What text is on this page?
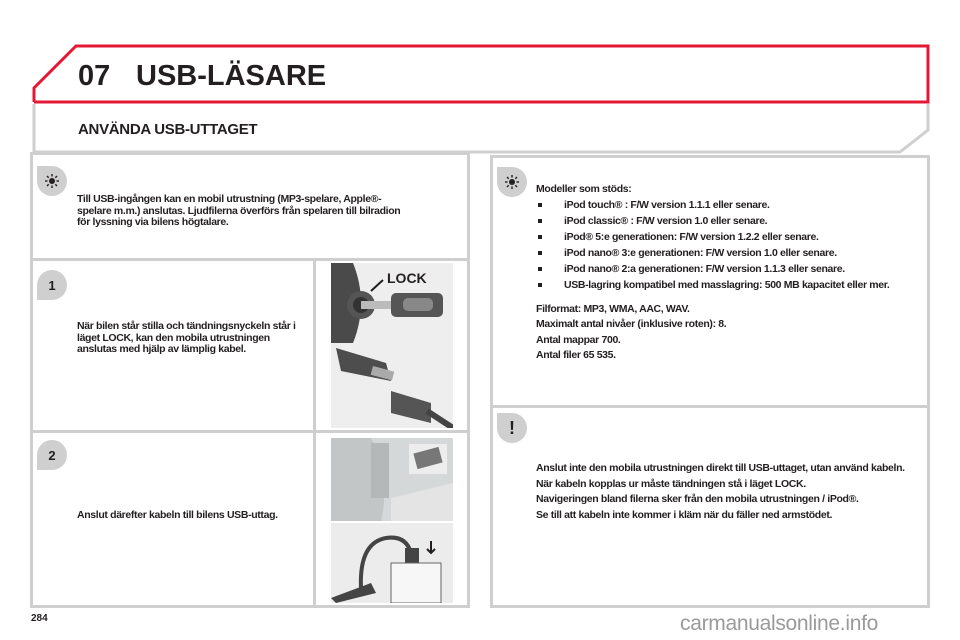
07 USB-LÄSARE
ANVÄNDA USB-UTTAGET
Till USB-ingången kan en mobil utrustning (MP3-spelare, Apple®-spelare m.m.) anslutas. Ljudfilerna överförs från spelaren till bilradion för lyssning via bilens högtalare.
1
När bilen står stilla och tändningsnyckeln står i läget LOCK, kan den mobila utrustningen anslutas med hjälp av lämplig kabel.
LOCK
2
Anslut därefter kabeln till bilens USB-uttag.

Modeller som stöds:

iPod touch® : F/W version 1.1.1 eller senare.
iPod classic® : F/W version 1.0 eller senare.
iPod® 5:e generationen: F/W version 1.2.2 eller senare.
iPod nano® 3:e generationen: F/W version 1.0 eller senare.
iPod nano® 2:a generationen: F/W version 1.1.3 eller senare.
USB-lagring kompatibel med masslagring: 500 MB kapacitet eller mer.

Filformat: MP3, WMA, AAC, WAV.

Maximalt antal nivåer (inklusive roten): 8.

Antal mappar 700.

Antal filer 65 535.

!

Anslut inte den mobila utrustningen direkt till USB-uttaget, utan använd kabeln.

När kabeln kopplas ur måste tändningen stå i läget LOCK.

Navigeringen bland filerna sker från den mobila utrustningen / iPod®.

Se till att kabeln inte kommer i kläm när du fäller ned armstödet.

284	carmanualsonline.info
